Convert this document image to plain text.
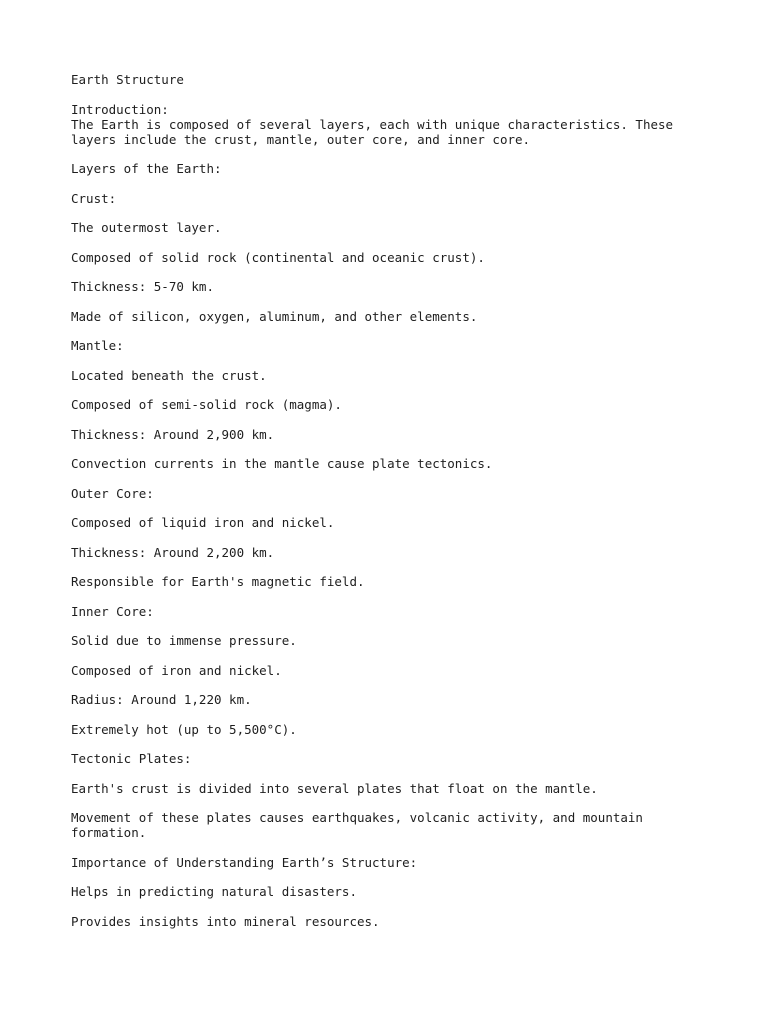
Earth Structure

Introduction:

The Earth is composed of several layers, each with unique characteristics. These layers include the crust, mantle, outer core, and inner core.

Layers of the Earth:

Crust:

The outermost layer.

Composed of solid rock (continental and oceanic crust).

Thickness: 5-70 km.

Made of silicon, oxygen, aluminum, and other elements.

Mantle:

Located beneath the crust.

Composed of semi-solid rock (magma).

Thickness: Around 2,900 km.

Convection currents in the mantle cause plate tectonics.

Outer Core:

Composed of liquid iron and nickel.

Thickness: Around 2,200 km.

Responsible for Earth's magnetic field.

Inner Core:

Solid due to immense pressure.

Composed of iron and nickel.

Radius: Around 1,220 km.

Extremely hot (up to 5,500°C).

Tectonic Plates:

Earth's crust is divided into several plates that float on the mantle.

Movement of these plates causes earthquakes, volcanic activity, and mountain formation.

Importance of Understanding Earth’s Structure:

Helps in predicting natural disasters.

Provides insights into mineral resources.
